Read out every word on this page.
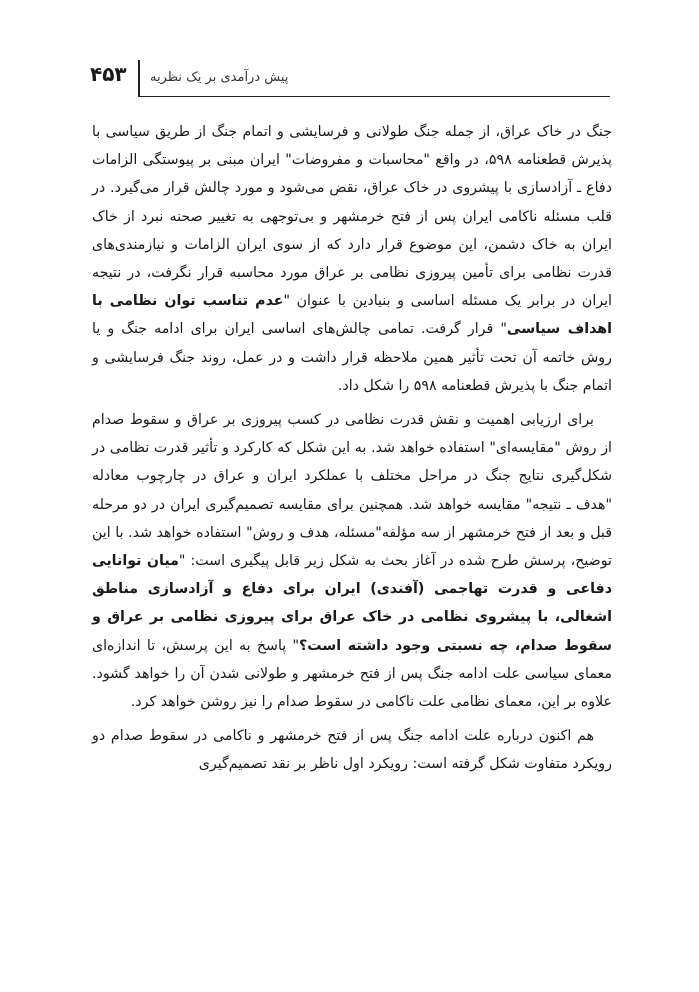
۴۵۳ پیش درآمدی بر یک نظریه

جنگ در خاک عراق، از جمله جنگ طولانی و فرسایشی و اتمام جنگ از طریق سیاسی با پذیرش قطعنامه ۵۹۸، در واقع "محاسبات و مفروضات" ایران مبنی بر پیوستگی الزامات دفاع ـ آزادسازی با پیشروی در خاک عراق، نقض می‌شود و مورد چالش قرار می‌گیرد. در قلب مسئله ناکامی ایران پس از فتح خرمشهر و بی‌توجهی به تغییر صحنه نبرد از خاک ایران به خاک دشمن، این موضوع قرار دارد که از سوی ایران الزامات و نیازمندی‌های قدرت نظامی برای تأمین پیروزی نظامی بر عراق مورد محاسبه قرار نگرفت، در نتیجه ایران در برابر یک مسئله اساسی و بنیادین با عنوان "عدم تناسب توان نظامی با اهداف سیاسی" قرار گرفت. تمامی چالش‌های اساسی ایران برای ادامه جنگ و یا روش خاتمه آن تحت تأثیر همین ملاحظه قرار داشت و در عمل، روند جنگ فرسایشی و اتمام جنگ با پذیرش قطعنامه ۵۹۸ را شکل داد.

برای ارزیابی اهمیت و نقش قدرت نظامی در کسب پیروزی بر عراق و سقوط صدام از روش "مقایسه‌ای" استفاده خواهد شد. به این شکل که کارکرد و تأثیر قدرت نظامی در شکل‌گیری نتایج جنگ در مراحل مختلف با عملکرد ایران و عراق در چارچوب معادله "هدف ـ نتیجه" مقایسه خواهد شد. همچنین برای مقایسه تصمیم‌گیری ایران در دو مرحله قبل و بعد از فتح خرمشهر از سه مؤلفه"مسئله، هدف و روش" استفاده خواهد شد. با این توضیح، پرسش طرح شده در آغاز بحث به شکل زیر قابل پیگیری است: "میان توانایی دفاعی و قدرت تهاجمی (آفندی) ایران برای دفاع و آزادسازی مناطق اشغالی، با پیشروی نظامی در خاک عراق برای پیروزی نظامی بر عراق و سقوط صدام، چه نسبتی وجود داشته است؟" پاسخ به این پرسش، تا اندازه‌ای معمای سیاسی علت ادامه جنگ پس از فتح خرمشهر و طولانی شدن آن را خواهد گشود. علاوه بر این، معمای نظامی علت ناکامی در سقوط صدام را نیز روشن خواهد کرد.

هم اکنون درباره علت ادامه جنگ پس از فتح خرمشهر و ناکامی در سقوط صدام دو رویکرد متفاوت شکل گرفته است: رویکرد اول ناظر بر نقد تصمیم‌گیری
